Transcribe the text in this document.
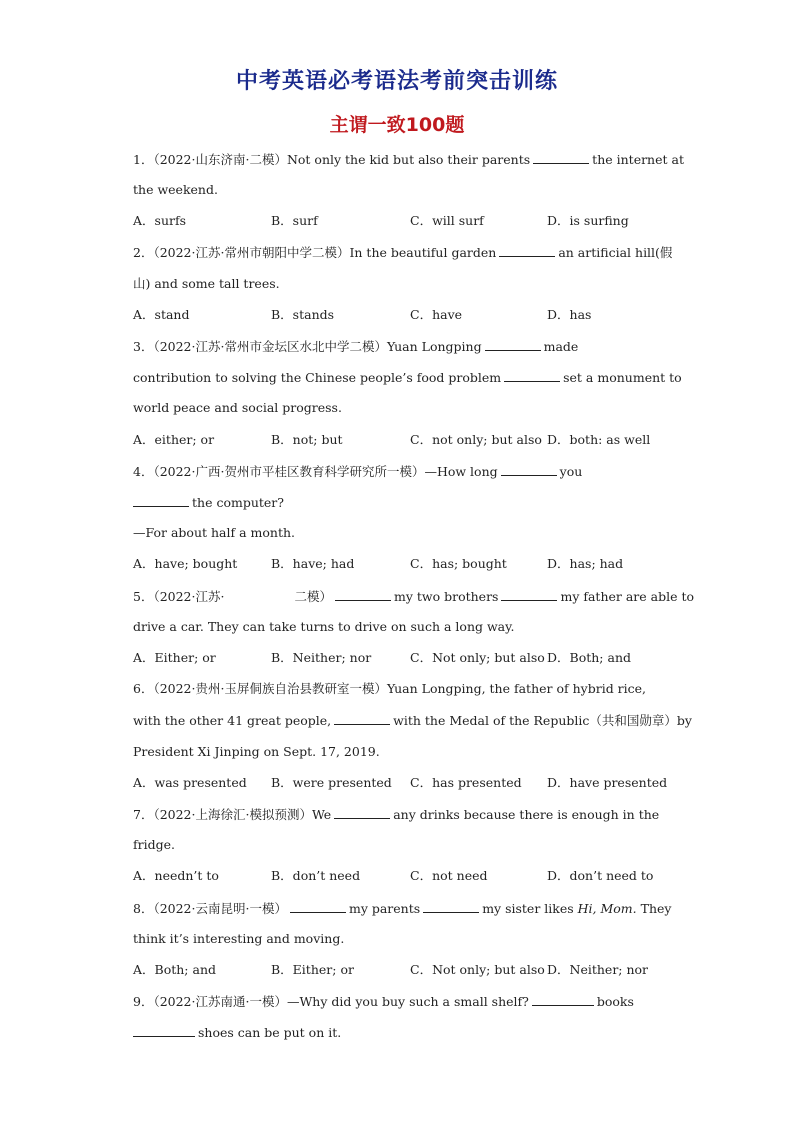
中考英语必考语法考前突击训练
主谓一致100题
1．（2022·山东济南·二模）Not only the kid but also their parents	the internet at
the weekend.
A．surfs	B．surf	C．will surf	D．is surfing
2．（2022·江苏·常州市朝阳中学二模）In the beautiful garden	an artificial hill(假
山) and some tall trees.
A．stand	B．stands	C．have	D．has
3．（2022·江苏·常州市金坛区水北中学二模）Yuan Longping	made
contribution to solving the Chinese people’s food problem	set a monument to
world peace and social progress.
A．either; or	B．not; but	C．not only; but also D．both: as well
4．（2022·广西·贺州市平桂区教育科学研究所一模）—How long	you
the computer?
—For about half a month.
A．have; bought	B．have; had	C．has; bought	D．has; had
5．（2022·江苏·	二模）	my two brothers	my father are able to
drive a car. They can take turns to drive on such a long way.
A．Either; or	B．Neither; nor	C．Not only; but also D．Both; and
6．（2022·贵州·玉屏侗族自治县教研室一模）Yuan Longping, the father of hybrid rice,
with the other 41 great people,	with the Medal of the Republic（共和国勋章）by
President Xi Jinping on Sept. 17, 2019.
A．was presented B．were presented C．has presented D．have presented
7．（2022·上海徐汇·模拟预测）We	any drinks because there is enough in the
fridge.
A．needn’t to	B．don’t need	C．not need	D．don’t need to
8．（2022·云南昆明·一模）	my parents	my sister likes Hi, Mom. They
think it’s interesting and moving.
A．Both; and	B．Either; or	C．Not only; but also D．Neither; nor
9．（2022·江苏南通·一模）—Why did you buy such a small shelf?	books
shoes can be put on it.
